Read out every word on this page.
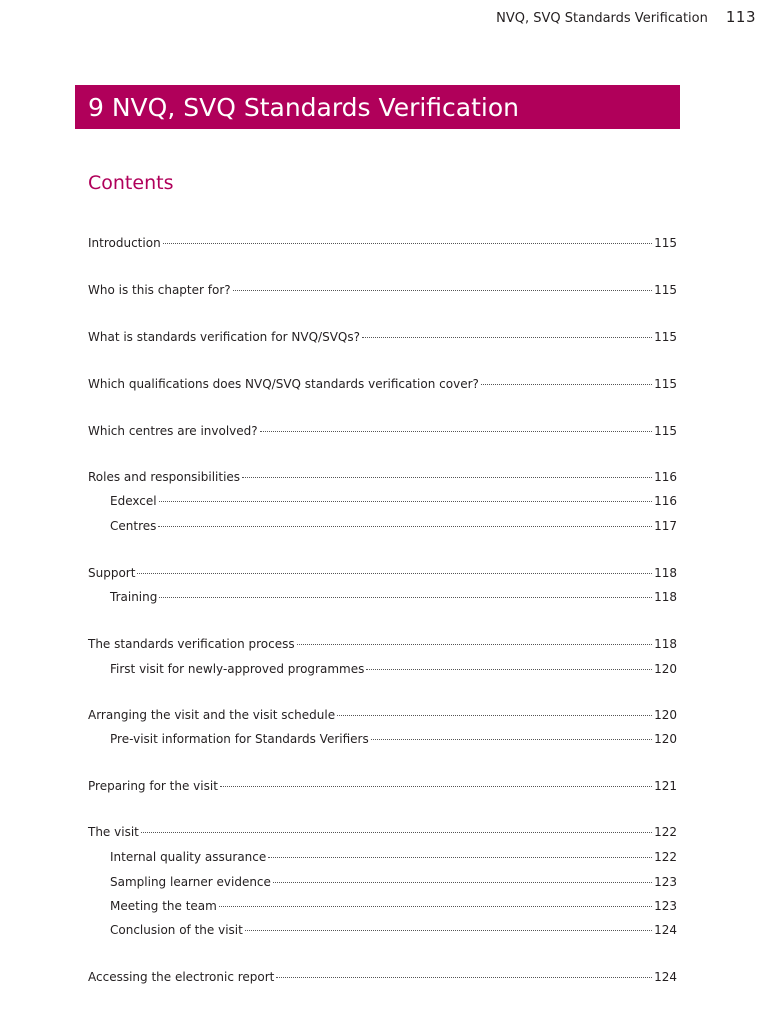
NVQ, SVQ Standards Verification 113
9 NVQ, SVQ Standards Verification
Contents
Introduction	115
Who is this chapter for?	115
What is standards verification for NVQ/SVQs?	115
Which qualifications does NVQ/SVQ standards verification cover?	115
Which centres are involved?	115
Roles and responsibilities	116
Edexcel	116
Centres	117
Support	118
Training	118
The standards verification process	118
First visit for newly-approved programmes	120
Arranging the visit and the visit schedule	120
Pre-visit information for Standards Verifiers	120
Preparing for the visit	121
The visit	122
Internal quality assurance	122
Sampling learner evidence	123
Meeting the team	123
Conclusion of the visit	124
Accessing the electronic report	124
